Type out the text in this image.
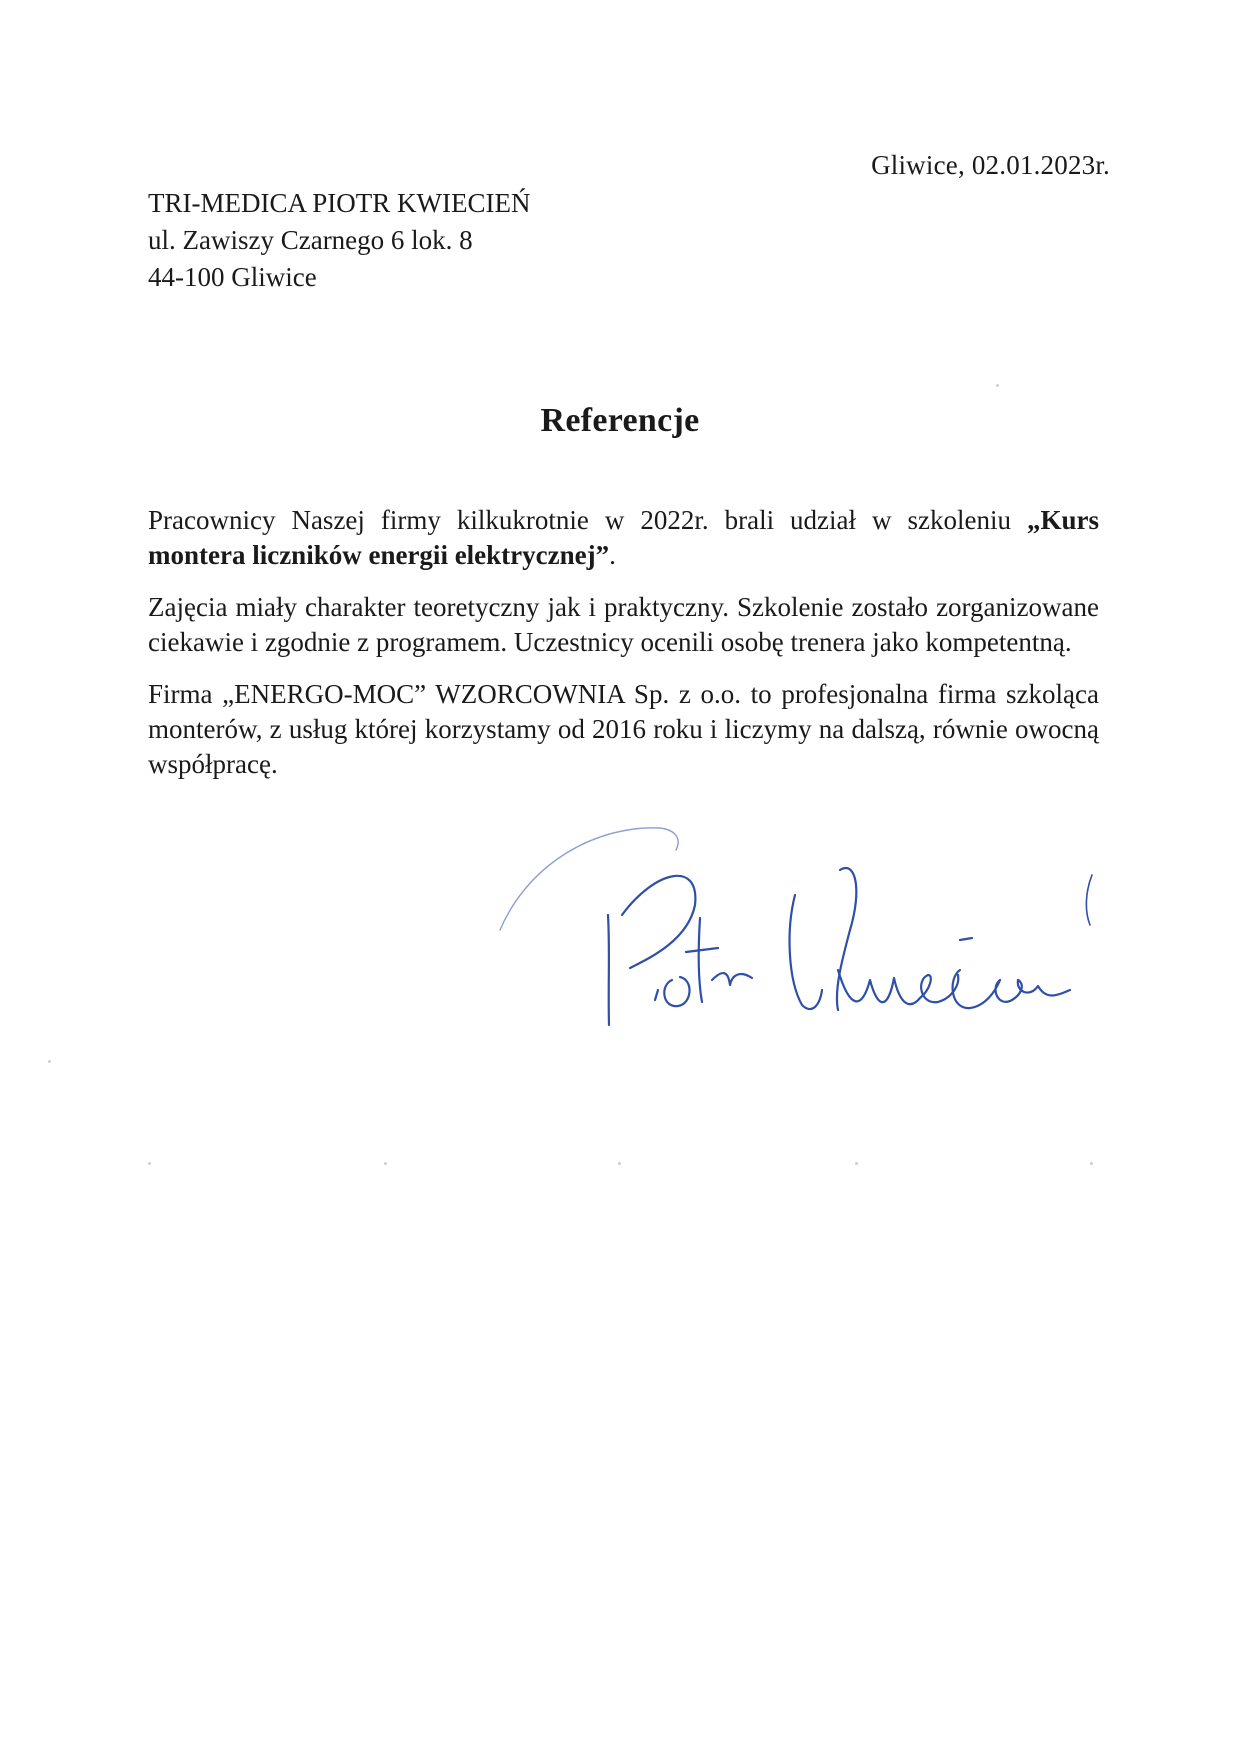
Gliwice, 02.01.2023r.
TRI-MEDICA PIOTR KWIECIEŃ
ul. Zawiszy Czarnego 6 lok. 8
44-100 Gliwice
Referencje

Pracownicy Naszej firmy kilkukrotnie w 2022r. brali udział w szkoleniu „Kurs montera liczników energii elektrycznej”.

Zajęcia miały charakter teoretyczny jak i praktyczny. Szkolenie zostało zorganizowane ciekawie i zgodnie z programem. Uczestnicy ocenili osobę trenera jako kompetentną.

Firma „ENERGO-MOC” WZORCOWNIA Sp. z o.o. to profesjonalna firma szkoląca monterów, z usług której korzystamy od 2016 roku i liczymy na dalszą, równie owocną współpracę.
